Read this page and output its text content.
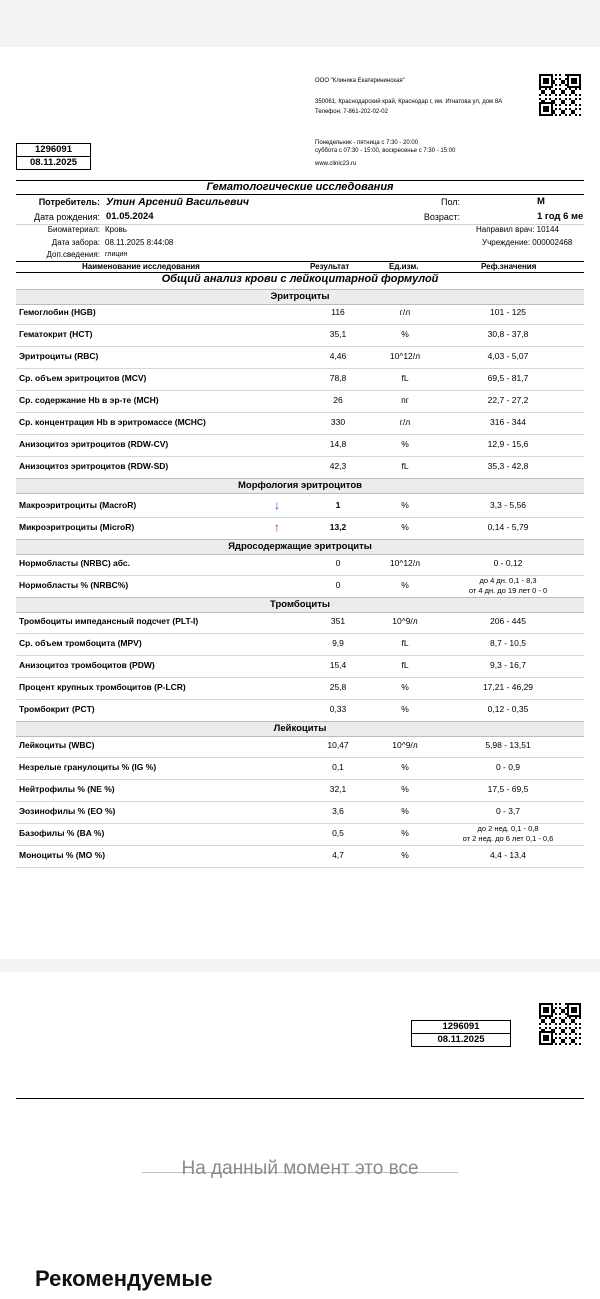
ООО "Клиника Екатерининская"
350061, Краснодарский край, Краснодар г, им. Игнатова ул, дом 8А
Телефон: 7-861-202-02-02
Понедельник - пятница с 7:30 - 20:00
суббота с 07:30 - 15:00, воскресенье с 7:30 - 15:00
www.clinic23.ru
1296091
08.11.2025
Гематологические исследования
Потребитель: Утин Арсений Васильевич
Дата рождения: 01.05.2024
Пол:	М
Возраст:	1 год 6 ме
Биоматериал: Кровь
Дата забора: 08.11.2025 8:44:08
Доп.сведения: глицин
Направил врач: 10144
Учреждение: 000002468
Наименование исследования	Результат	Ед.изм.	Реф.значения
Общий анализ крови с лейкоцитарной формулой
Эритроциты
Гемоглобин (HGB)	116	г/л	101 - 125
Гематокрит (HCT)	35,1	%	30,8 - 37,8
Эритроциты (RBC)	4,46	10^12/л	4,03 - 5,07
Ср. объем эритроцитов (MCV)	78,8	fL	69,5 - 81,7
Ср. содержание Hb в эр-те (MCH)	26	пг	22,7 - 27,2
Ср. концентрация Hb в эритромассе (MCHC)	330	г/л	316 - 344
Анизоцитоз эритроцитов (RDW-CV)	14,8	%	12,9 - 15,6
Анизоцитоз эритроцитов (RDW-SD)	42,3	fL	35,3 - 42,8
Морфология эритроцитов
Макроэритроциты (MacroR)	↓	1	%	3,3 - 5,56
Микроэритроциты (MicroR)	↑	13,2	%	0,14 - 5,79
Ядросодержащие эритроциты
Нормобласты (NRBC) абс.	0	10^12/л	0 - 0,12
Нормобласты % (NRBC%)	0	%	до 4 дн. 0,1 - 8,3
от 4 дн. до 19 лет 0 - 0
Тромбоциты
Тромбоциты импедансный подсчет (PLT-I)	351	10^9/л	206 - 445
Ср. объем тромбоцита (MPV)	9,9	fL	8,7 - 10,5
Анизоцитоз тромбоцитов (PDW)	15,4	fL	9,3 - 16,7
Процент крупных тромбоцитов (P-LCR)	25,8	%	17,21 - 46,29
Тромбокрит (PCT)	0,33	%	0,12 - 0,35
Лейкоциты
Лейкоциты (WBC)	10,47	10^9/л	5,98 - 13,51
Незрелые гранулоциты % (IG %)	0,1	%	0 - 0,9
Нейтрофилы % (NE %)	32,1	%	17,5 - 69,5
Эозинофилы % (EO %)	3,6	%	0 - 3,7
Базофилы % (BA %)	0,5	%	до 2 нед. 0,1 - 0,8
от 2 нед. до 6 лет 0,1 - 0,6
Моноциты % (MO %)	4,7	%	4,4 - 13,4
1296091
08.11.2025
На данный момент это все
Рекомендуемые
